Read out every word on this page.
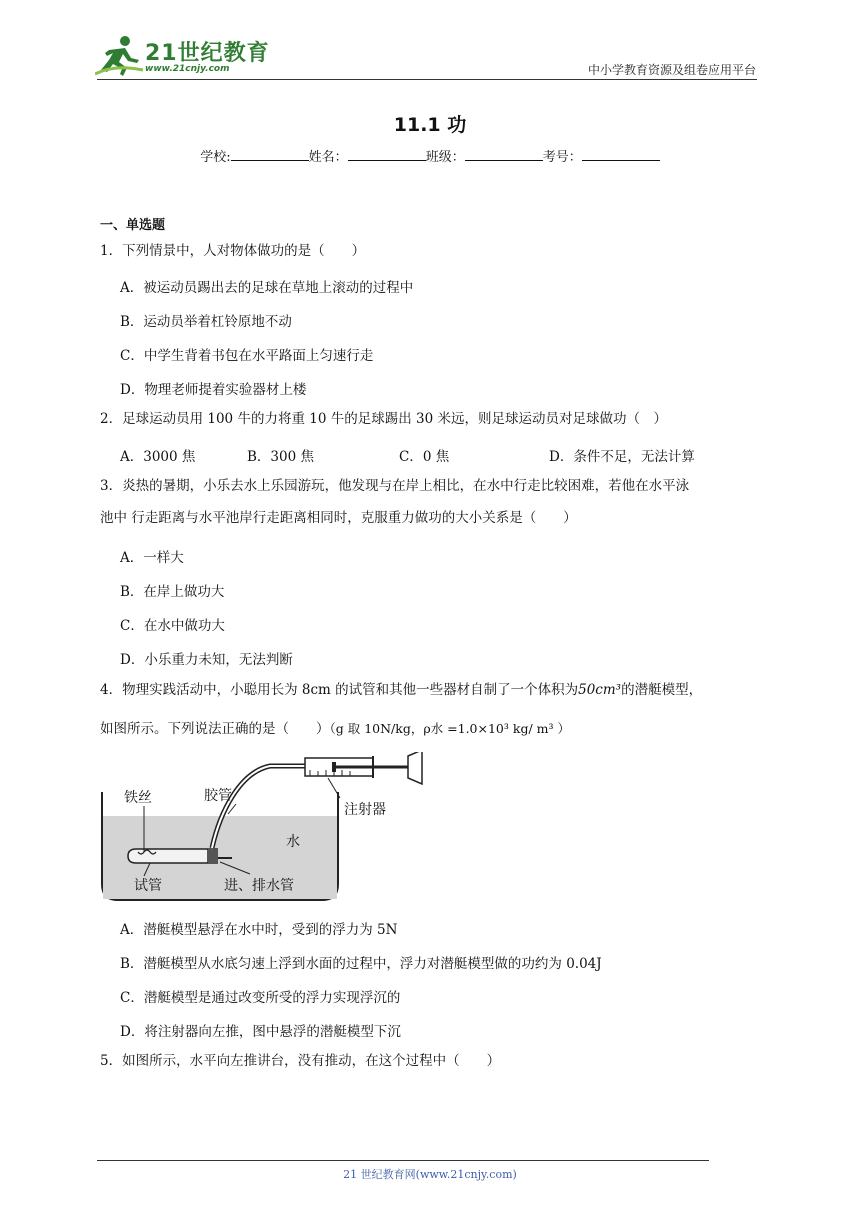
21世纪教育
www.21cnjy.com	中小学教育资源及组卷应用平台
11.1 功
学校:	姓名：	班级：	考号：
一、单选题
1．下列情景中，人对物体做功的是（　　）
A．被运动员踢出去的足球在草地上滚动的过程中
B．运动员举着杠铃原地不动
C．中学生背着书包在水平路面上匀速行走
D．物理老师提着实验器材上楼
2．足球运动员用 100 牛的力将重 10 牛的足球踢出 30 米远，则足球运动员对足球做功（　）
A．3000 焦	B．300 焦	C．0 焦	D．条件不足，无法计算
3．炎热的暑期，小乐去水上乐园游玩，他发现与在岸上相比，在水中行走比较困难，若他在水平泳
池中 行走距离与水平池岸行走距离相同时，克服重力做功的大小关系是（　　）
A．一样大
B．在岸上做功大
C．在水中做功大
D．小乐重力未知，无法判断
4．物理实践活动中，小聪用长为 8cm 的试管和其他一些器材自制了一个体积为50cm³的潜艇模型，
如图所示。下列说法正确的是（　　）（g 取 10N/kg，ρ水 =1.0×10³ kg/ m³ ）
铁丝	胶管
注射器
水
试管	进、排水管
A．潜艇模型悬浮在水中时，受到的浮力为 5N
B．潜艇模型从水底匀速上浮到水面的过程中，浮力对潜艇模型做的功约为 0.04J
C．潜艇模型是通过改变所受的浮力实现浮沉的
D．将注射器向左推，图中悬浮的潜艇模型下沉
5．如图所示，水平向左推讲台，没有推动，在这个过程中（　　）
21 世纪教育网(www.21cnjy.com)
